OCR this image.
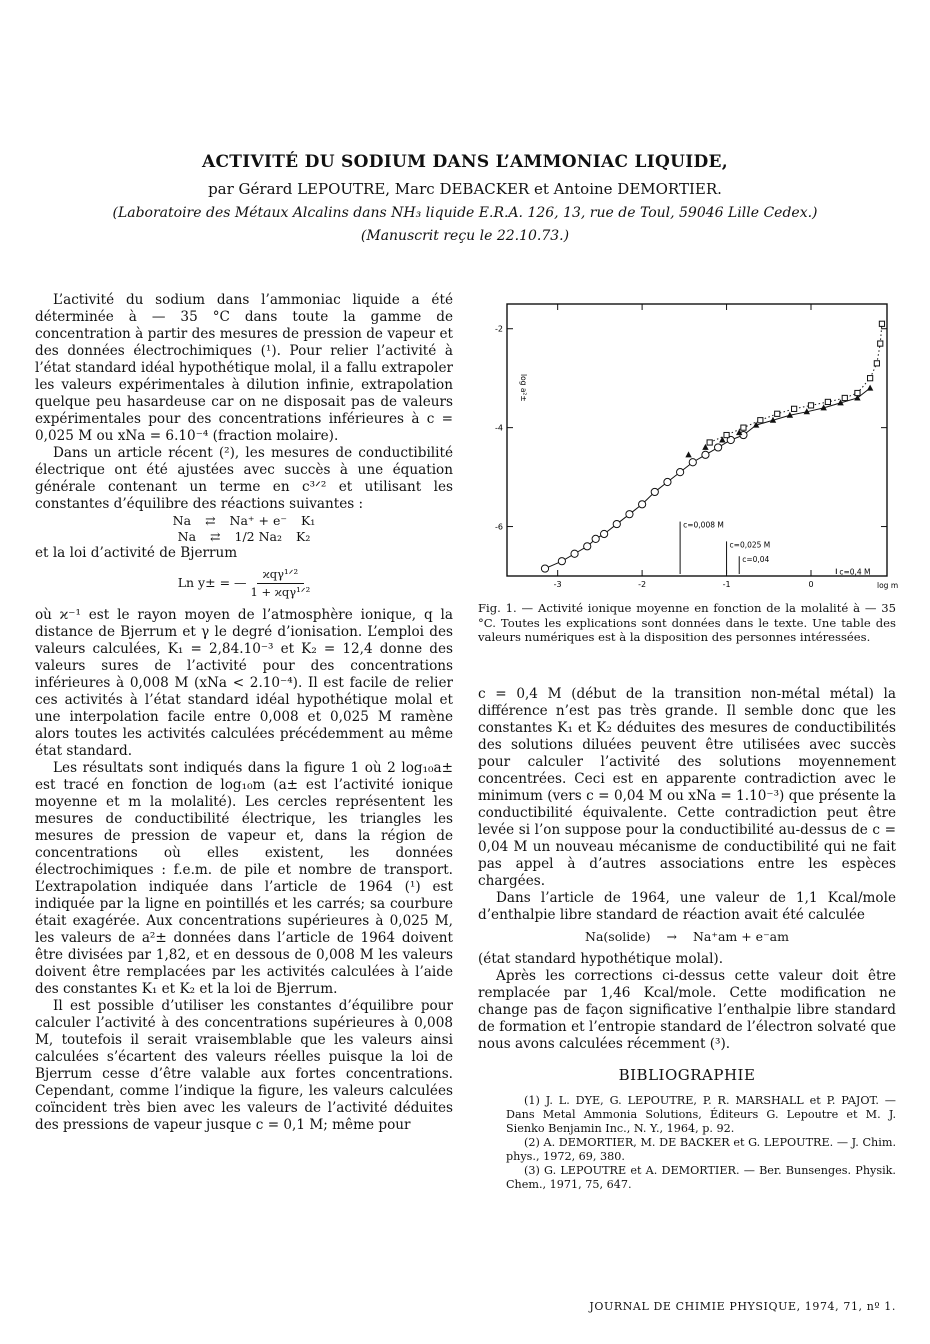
ACTIVITÉ DU SODIUM DANS L’AMMONIAC LIQUIDE,
par Gérard LEPOUTRE, Marc DEBACKER et Antoine DEMORTIER.
(Laboratoire des Métaux Alcalins dans NH₃ liquide E.R.A. 126, 13, rue de Toul, 59046 Lille Cedex.)
(Manuscrit reçu le 22.10.73.)

L’activité du sodium dans l’ammoniac liquide a été déterminée à — 35 °C dans toute la gamme de concentration à partir des mesures de pression de vapeur et des données électrochimiques (¹). Pour relier l’activité à l’état standard idéal hypothétique molal, il a fallu extrapoler les valeurs expérimentales à dilution infinie, extrapolation quelque peu hasardeuse car on ne disposait pas de valeurs expérimentales pour des concentrations inférieures à c = 0,025 M ou xNa = 6.10⁻⁴ (fraction molaire).

Dans un article récent (²), les mesures de conductibilité électrique ont été ajustées avec succès à une équation générale contenant un terme en c³ᐟ² et utilisant les constantes d’équilibre des réactions suivantes :

Na ⇄ Na⁺ + e⁻ K₁
Na ⇄ 1/2 Na₂ K₂

et la loi d’activité de Bjerrum

Ln y± = — $\frac{\text{ϰqγ¹ᐟ²}}{\text{1 + ϰqγ¹ᐟ²}}$

où ϰ⁻¹ est le rayon moyen de l’atmosphère ionique, q la distance de Bjerrum et γ le degré d’ionisation. L’emploi des valeurs calculées, K₁ = 2,84.10⁻³ et K₂ = 12,4 donne des valeurs sures de l’activité pour des concentrations inférieures à 0,008 M (xNa < 2.10⁻⁴). Il est facile de relier ces activités à l’état standard idéal hypothétique molal et une interpolation facile entre 0,008 et 0,025 M ramène alors toutes les activités calculées précédemment au même état standard.

Les résultats sont indiqués dans la figure 1 où 2 log₁₀a± est tracé en fonction de log₁₀m (a± est l’activité ionique moyenne et m la molalité). Les cercles représentent les mesures de conductibilité électrique, les triangles les mesures de pression de vapeur et, dans la région de concentrations où elles existent, les données électrochimiques : f.e.m. de pile et nombre de transport. L’extrapolation indiquée dans l’article de 1964 (¹) est indiquée par la ligne en pointillés et les carrés; sa courbure était exagérée. Aux concentrations supérieures à 0,025 M, les valeurs de a²± données dans l’article de 1964 doivent être divisées par 1,82, et en dessous de 0,008 M les valeurs doivent être remplacées par les activités calculées à l’aide des constantes K₁ et K₂ et la loi de Bjerrum.

Il est possible d’utiliser les constantes d’équilibre pour calculer l’activité à des concentrations supérieures à 0,008 M, toutefois il serait vraisemblable que les valeurs ainsi calculées s’écartent des valeurs réelles puisque la loi de Bjerrum cesse d’être valable aux fortes concentrations. Cependant, comme l’indique la figure, les valeurs calculées coïncident très bien avec les valeurs de l’activité déduites des pressions de vapeur jusque c = 0,1 M; même pour

-3	-2	-1	0
-2
-4
-6
log m
log a²±
c=0,008 M
c=0,025 M
c=0,04
c=0,4 M
Fig. 1. — Activité ionique moyenne en fonction de la molalité à — 35 °C. Toutes les explications sont données dans le texte. Une table des valeurs numériques est à la disposition des personnes intéressées.

c = 0,4 M (début de la transition non-métal métal) la différence n’est pas très grande. Il semble donc que les constantes K₁ et K₂ déduites des mesures de conductibilités des solutions diluées peuvent être utilisées avec succès pour calculer l’activité des solutions moyennement concentrées. Ceci est en apparente contradiction avec le minimum (vers c = 0,04 M ou xNa = 1.10⁻³) que présente la conductibilité équivalente. Cette contradiction peut être levée si l’on suppose pour la conductibilité au-dessus de c = 0,04 M un nouveau mécanisme de conductibilité qui ne fait pas appel à d’autres associations entre les espèces chargées.

Dans l’article de 1964, une valeur de 1,1 Kcal/mole d’enthalpie libre standard de réaction avait été calculée

Na(solide) → Na⁺am + e⁻am

(état standard hypothétique molal).

Après les corrections ci-dessus cette valeur doit être remplacée par 1,46 Kcal/mole. Cette modification ne change pas de façon significative l’enthalpie libre standard de formation et l’entropie standard de l’électron solvaté que nous avons calculées récemment (³).

BIBLIOGRAPHIE

(1) J. L. DYE, G. LEPOUTRE, P. R. MARSHALL et P. PAJOT. — Dans Metal Ammonia Solutions, Éditeurs G. Lepoutre et M. J. Sienko Benjamin Inc., N. Y., 1964, p. 92.

(2) A. DEMORTIER, M. DE BACKER et G. LEPOUTRE. — J. Chim. phys., 1972, 69, 380.

(3) G. LEPOUTRE et A. DEMORTIER. — Ber. Bunsenges. Physik. Chem., 1971, 75, 647.

JOURNAL DE CHIMIE PHYSIQUE, 1974, 71, nº 1.
